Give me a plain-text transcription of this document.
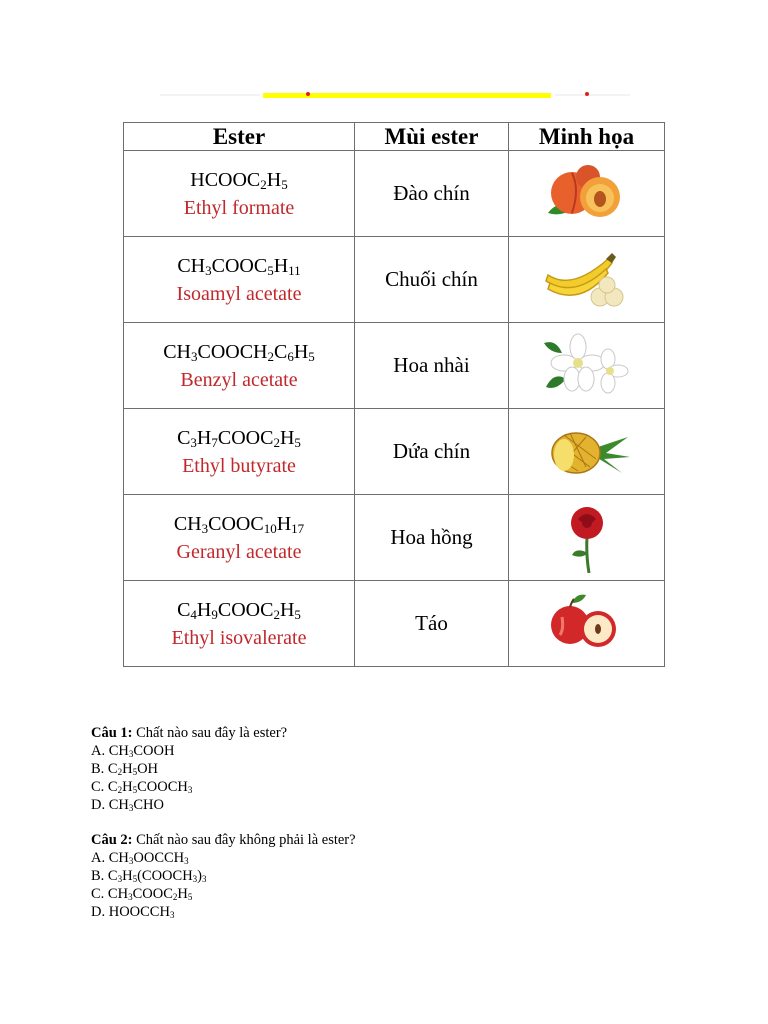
Ester	Mùi ester	Minh họa

$HCOOC_2H_5$
Ethyl formate	Đào chín	

$CH_3COOC_5H_{11}$
Isoamyl acetate	Chuối chín	

$CH_3COOCH_2C_6H_5$
Benzyl acetate	Hoa nhài	

$C_3H_7COOC_2H_5$
Ethyl butyrate	Dứa chín	

$CH_3COOC_{10}H_{17}$
Geranyl acetate	Hoa hồng	

$C_4H_9COOC_2H_5$
Ethyl isovalerate	Táo	
Câu 1: Chất nào sau đây là ester?
A. $CH_3COOH$
B. $C_2H_5OH$
C. $C_2H_5COOCH_3$
D. $CH_3CHO$
Câu 2: Chất nào sau đây không phải là ester?
A. $CH_3OOCCH_3$
B. $C_3H_5(COOCH_3)_3$
C. $CH_3COOC_2H_5$
D. $HOOCCH_3$
